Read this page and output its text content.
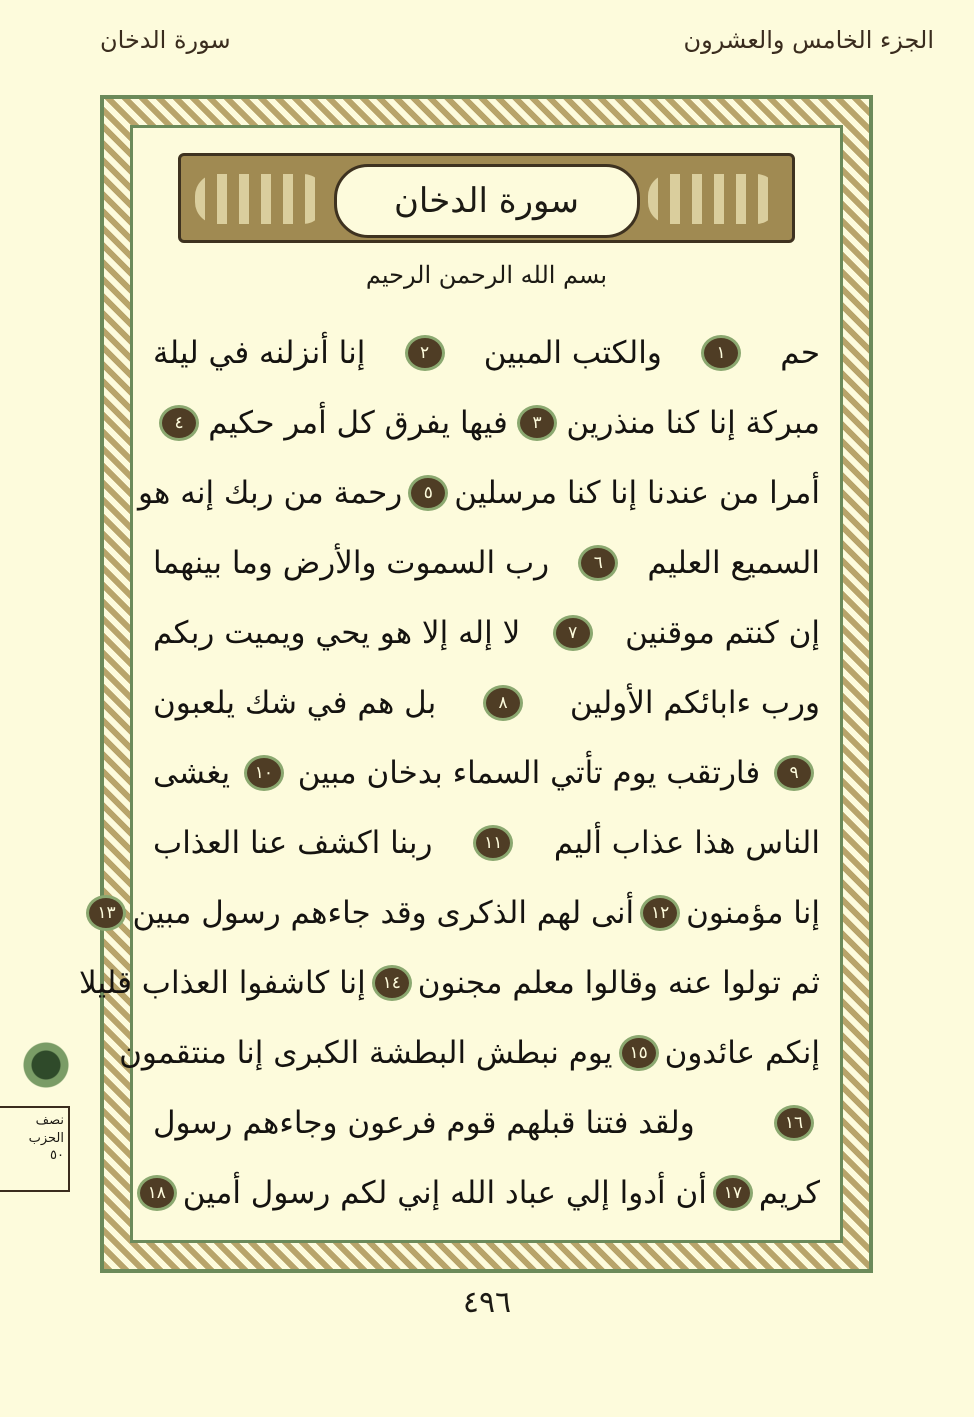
الجزء الخامس والعشرون
سورة الدخان
سورة الدخان
بسم الله الرحمن الرحيم
حم
١
والكتب المبين
٢
إنا أنزلنه في ليلة
مبركة إنا كنا منذرين
٣
فيها يفرق كل أمر حكيم
٤
أمرا من عندنا إنا كنا مرسلين
٥
رحمة من ربك إنه هو
السميع العليم
٦
رب السموت والأرض وما بينهما
إن كنتم موقنين
٧
لا إله إلا هو يحي ويميت ربكم
ورب ءابائكم الأولين
٨
بل هم في شك يلعبون
٩
فارتقب يوم تأتي السماء بدخان مبين
١٠
يغشى
الناس هذا عذاب أليم
١١
ربنا اكشف عنا العذاب
إنا مؤمنون
١٢
أنى لهم الذكرى وقد جاءهم رسول مبين
١٣
ثم تولوا عنه وقالوا معلم مجنون
١٤
إنا كاشفوا العذاب قليلا
إنكم عائدون
١٥
يوم نبطش البطشة الكبرى إنا منتقمون
١٦
ولقد فتنا قبلهم قوم فرعون وجاءهم رسول
كريم
١٧
أن أدوا إلي عباد الله إني لكم رسول أمين
١٨
نصف
الحزب
٥٠
٤٩٦
